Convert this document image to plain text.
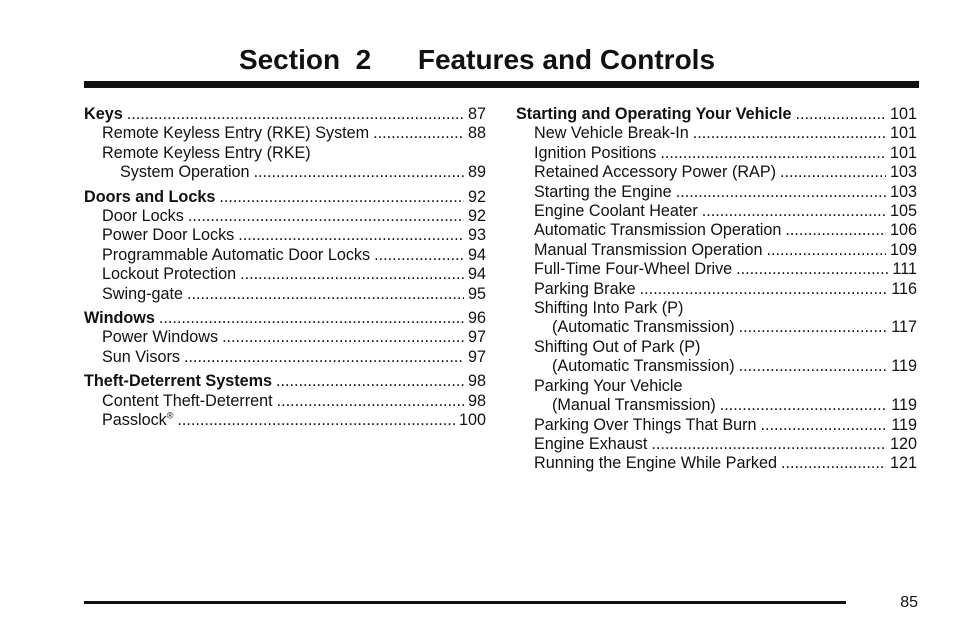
Section  2      Features and Controls
Keys .....	87
Remote Keyless Entry (RKE) System .....	88
Remote Keyless Entry (RKE)
System Operation .....	89
Doors and Locks .....	92
Door Locks .....	92
Power Door Locks .....	93
Programmable Automatic Door Locks .....	94
Lockout Protection .....	94
Swing-gate .....	95
Windows .....	96
Power Windows .....	97
Sun Visors .....	97
Theft-Deterrent Systems .....	98
Content Theft-Deterrent .....	98
Passlock® .....	100
Starting and Operating Your Vehicle .....	101
New Vehicle Break-In .....	101
Ignition Positions .....	101
Retained Accessory Power (RAP) .....	103
Starting the Engine .....	103
Engine Coolant Heater .....	105
Automatic Transmission Operation .....	106
Manual Transmission Operation .....	109
Full-Time Four-Wheel Drive .....	111
Parking Brake .....	116
Shifting Into Park (P)
(Automatic Transmission) .....	117
Shifting Out of Park (P)
(Automatic Transmission) .....	119
Parking Your Vehicle
(Manual Transmission) .....	119
Parking Over Things That Burn .....	119
Engine Exhaust .....	120
Running the Engine While Parked .....	121
85
